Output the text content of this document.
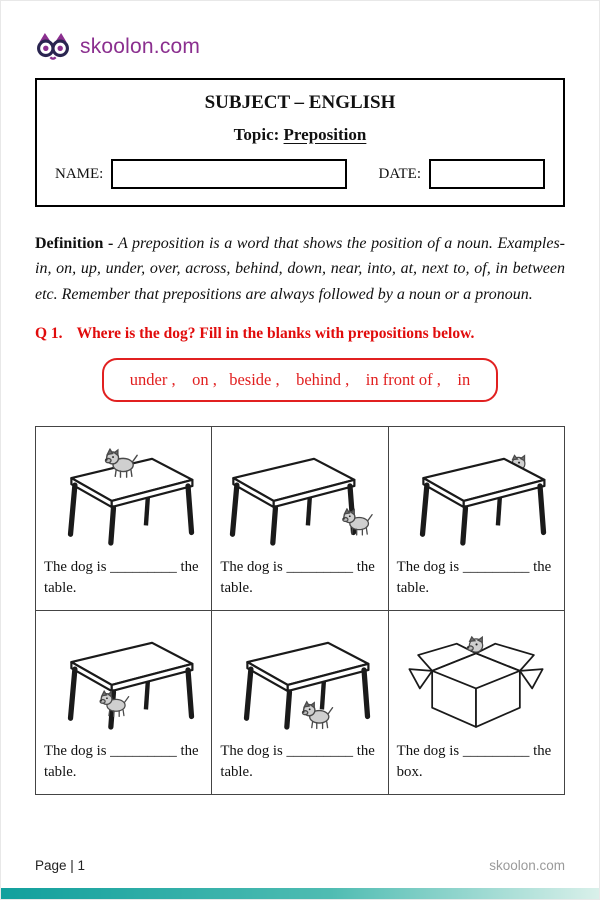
skoolon.com
SUBJECT – ENGLISH
Topic: Preposition
NAME:	DATE:

Definition - A preposition is a word that shows the position of a noun. Examples- in, on, up, under, over, across, behind, down, near, into, at, next to, of, in between etc. Remember that prepositions are always followed by a noun or a pronoun.

Q 1. Where is the dog? Fill in the blanks with prepositions below.

under ,    on ,   beside ,    behind ,    in front of ,    in
The dog is _________ the table.	The dog is _________ the table.	The dog is _________ the table.

The dog is _________ the table.	The dog is _________ the table.	The dog is _________ the box.
Page | 1	skoolon.com
